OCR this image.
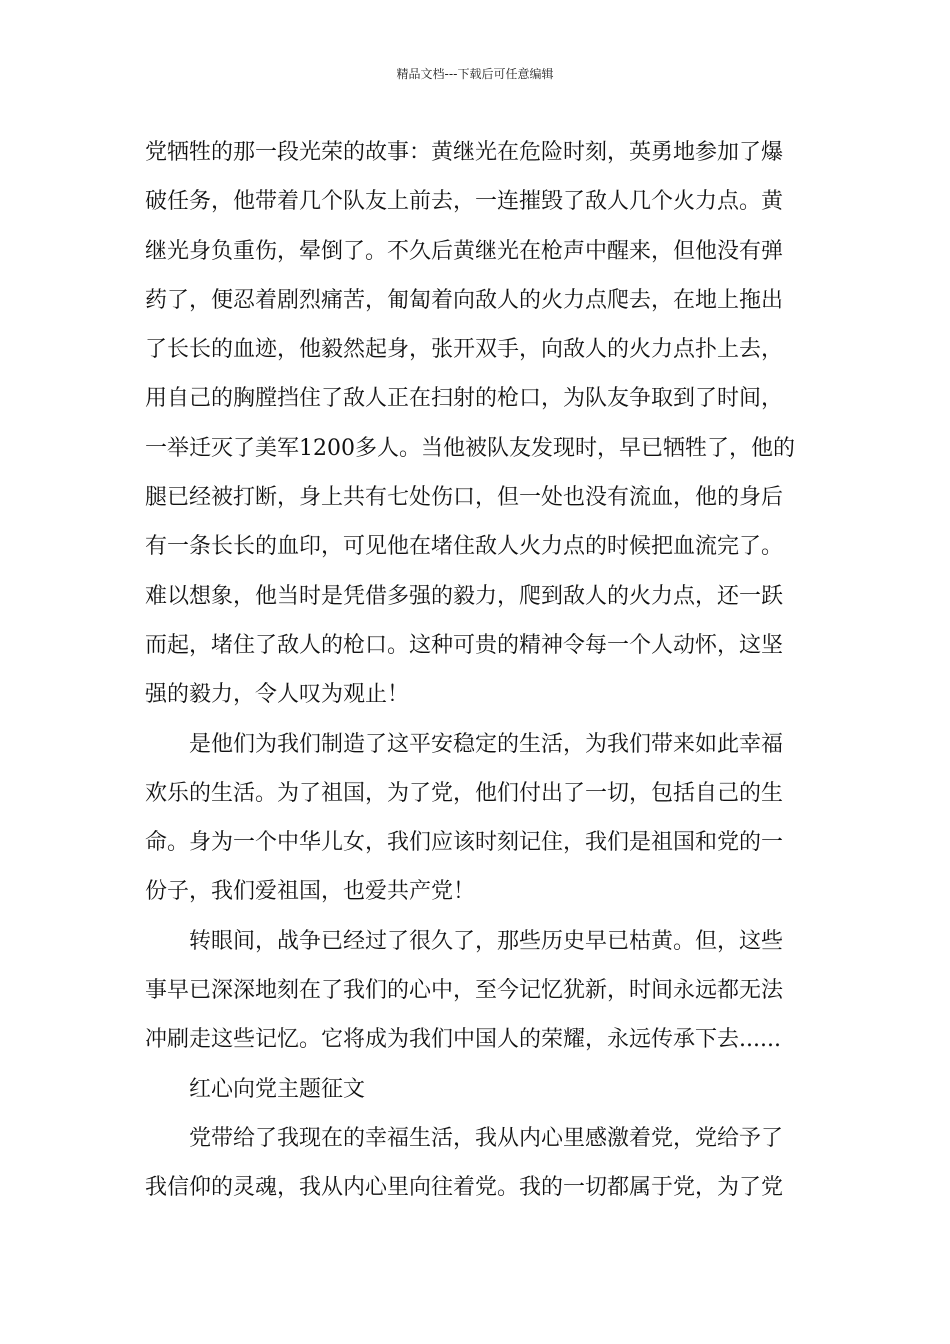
精品文档---下载后可任意编辑
党牺牲的那一段光荣的故事：黄继光在危险时刻，英勇地参加了爆
破任务，他带着几个队友上前去，一连摧毁了敌人几个火力点。黄
继光身负重伤，晕倒了。不久后黄继光在枪声中醒来，但他没有弹
药了，便忍着剧烈痛苦，匍匐着向敌人的火力点爬去，在地上拖出
了长长的血迹，他毅然起身，张开双手，向敌人的火力点扑上去，
用自己的胸膛挡住了敌人正在扫射的枪口，为队友争取到了时间，
一举迁灭了美军1200多人。当他被队友发现时，早已牺牲了，他的
腿已经被打断，身上共有七处伤口，但一处也没有流血，他的身后
有一条长长的血印，可见他在堵住敌人火力点的时候把血流完了。
难以想象，他当时是凭借多强的毅力，爬到敌人的火力点，还一跃
而起，堵住了敌人的枪口。这种可贵的精神令每一个人动怀，这坚
强的毅力，令人叹为观止！
是他们为我们制造了这平安稳定的生活，为我们带来如此幸福
欢乐的生活。为了祖国，为了党，他们付出了一切，包括自己的生
命。身为一个中华儿女，我们应该时刻记住，我们是祖国和党的一
份子，我们爱祖国，也爱共产党！
转眼间，战争已经过了很久了，那些历史早已枯黄。但，这些
事早已深深地刻在了我们的心中，至今记忆犹新，时间永远都无法
冲刷走这些记忆。它将成为我们中国人的荣耀，永远传承下去......
红心向党主题征文
党带给了我现在的幸福生活，我从内心里感激着党，党给予了
我信仰的灵魂，我从内心里向往着党。我的一切都属于党，为了党
